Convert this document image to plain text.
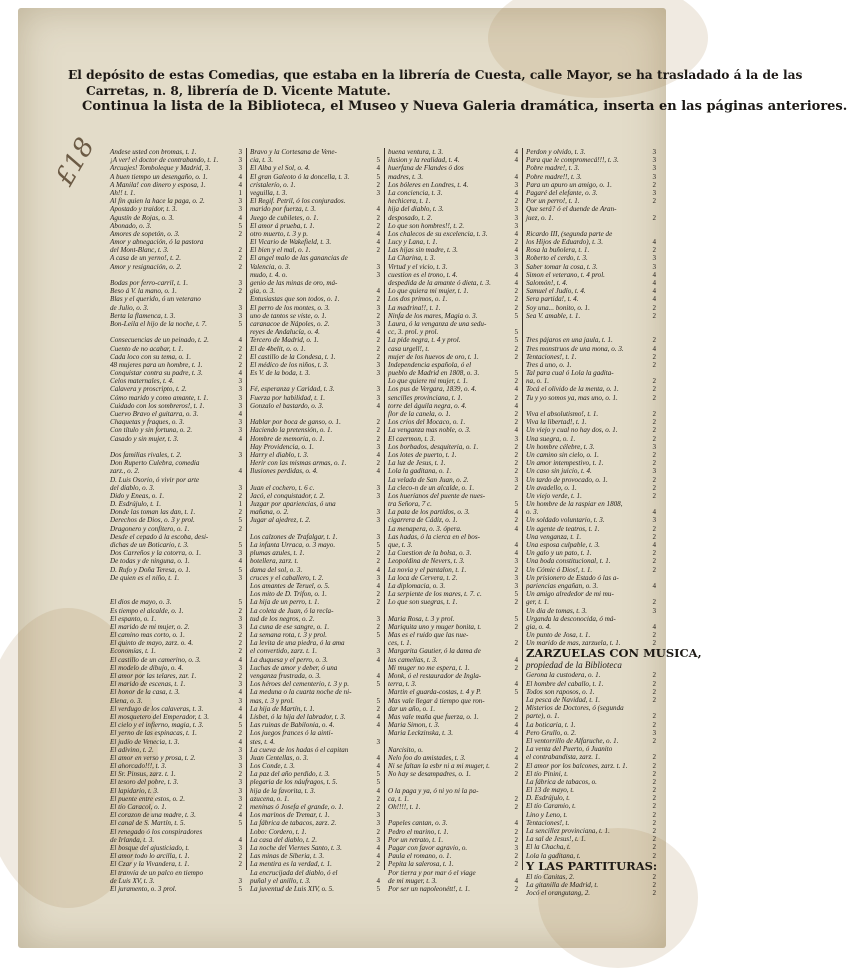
El depósito de estas Comedias, que estaba en la librería de Cuesta, calle Mayor, se ha trasladado á la de las
Carretas, n. 8, librería de D. Vicente Matute.
Continua la lista de la Biblioteca, el Museo y Nueva Galeria dramática, inserta en las páginas anteriores.
£18 Andese usted con bromas, t. 1.	3
¡A ver! el doctor de contrabando, t. 1.	3
Arcuajes! Tomboleque y Madrid, 3.	3
A buen tiempo un desengaño, o. 1.	4
A Manila! con dinero y esposa, 1.	4
Ah!! t. 1.	1
Al fin quien la hace la paga, o. 2.	3
Apostado y traidor, t. 3.	3
Agustín de Rojas, o. 3.	4
Abonado, o. 3.	5
Amores de sopetón, o. 3.	2
Amor y abnegación, ó la pastora
del Mont-Blanc, t. 3.	2
A casa de un yerno!, t. 2.	2
Amor y resignación, o. 2.	2
Bodas por ferro-carril, t. 1.	3
Beso á V. la mano, o. 1.	2
Blas y el querido, ó un veterano
de Julio, o. 3.	3
Berta la flamenca, t. 3.	3
Bon-Leila el hijo de la noche, t. 7.	5
Consecuencias de un peinado, t. 2.	4
Cuento de no acabar, t. 1.	2
Cada loco con su tema, o. 1.	2
48 mujeres para un hombre, t. 1.	2
Conquistar contra su padre, t. 3.	4
Celos maternales, t. 4.	3
Calavera y proscripto, t. 2.	3
Cómo marido y como amante, t. 1.	3
Cuidado con los sombreros!, t. 1.	3
Cuervo Bravo el guitarra, o. 3.	4
Chaquetas y fraques, o. 3.	3
Con título y sin fortuna, o. 2.	3
Casado y sin mujer, t. 3.	4
Dos familias rivales, t. 2.	3
Don Ruperto Culebra, comedia
zarz., o. 2.	4
D. Luis Osorio, ó vivir por arte
del diablo, o. 3.	3
Dido y Eneas, o. 1.	2
D. Esdrújulo, t. 1.	1
Donde las toman las dan, t. 1.	2
Derechos de Dios, o. 3 y prol.	5
Dragonero y confitero, o. 1.	2
Desde el cepado á la escoba, desi-
dichas de un Boticario, t. 3.	5
Dos Carreños y la cotorra, o. 1.	3
De todas y de ninguna, o. 1.	4
D. Rufo y Doña Teresa, o. 1.	5
De quien es el niño, t. 1.	3
El dios de mayo, o. 3.	5
Es tiempo el alcalde, o. 1.	2
El espanto, o. 1.	3
El marido de mi mujer, o. 2.	3
El camino mas corto, o. 1.	2
El quinto de mayo, zarz. o. 4.	2
Economías, t. 1.	2
El castillo de un camerino, o. 3.	4
El modelo de dibujo, o. 4.	3
El amor por las telares, zar. 1.	2
El marido de escenas, t. 1.	3
El honor de la casa, t. 3.	4
Elena, o. 3.	3
El verdugo de los calaveras, t. 3.	4
El mosquetero del Emperador, t. 3.	4
El cielo y el infierno, magia, t. 3.	5
El yerno de las espinacas, t. 1.	2
El judío de Venecia, t. 3.	4
El adivino, t. 2.	3
El amor en verso y prosa, t. 2.	3
El ahorcado!!!, t. 3.	3
El Sr. Pinsus, zarz. t. 1.	2
El tesoro del pobre, t. 3.	3
El lapidario, t. 3.	3
El puente entre estos, o. 2.	3
El tío Caracol, o. 1.	2
El corazon de una madre, t. 3.	4
El canal de S. Martín, t. 5.	5
El renegado ó los conspiradores
de Irlanda, t. 3.	4
El bosque del ajusticiado, t.	3
El amor todo lo arcilla, t. 1.	2
El Czar y la Vivandera, t. 1.	2
El tranvía de un palco en tiempo
de Luis XV, t. 3.	3
El juramento, o. 3 prol.	5
Bravo y la Cortesana de Vene-
cia, t. 3.	5
El Alba y el Sol, o. 4.	4
El gran Galeoto ó la doncella, t. 3.	5
cristalerío, o. 1.	2
veguilla, t. 3.	3
El Regif. Petril, ó los conjurados.
marido por fuerza, t. 3.	4
Juego de cubiletes, o. 1.	2
El amor á prueba, t. 1.	2
otro muerto, t. 3 y p.	4
El Vicario de Wakefield, t. 3.	4
El bien y el mal, o. 1.	2
El angel malo de las ganancias de
Valencia, o. 3.	3
mudo, t. 4. o.	3
genio de las minas de oro, má-
gia, o. 3.	4
Entusiastas que son todos, o. 1.	2
El perro de los montes, o. 3.	3
uno de tantos se viste, o. 1.	2
caranacoe de Nápoles, o. 2.	3
reyes de Andalucía, o. 4.	4
Tercero de Madrid, o. 1.	2
El de 4belit, o. o. 1.	2
El castillo de la Condesa, t. 1.	2
El médico de los niños, t. 3.	3
Es V. de la boda, t. 3.	3
Fé, esperanza y Caridad, t. 3.	3
Fuerza por habilidad, t. 1.	3
Gonzalo el bastardo, o. 3.	4
Hablar por boca de ganso, o. 1.	2
Haciendo la pretensión, o. 1.	2
Hombre de memoria, o. 1.	2
Hay Providencia, o. 1.	3
Harry el diablo, t. 3.	4
Herir con las mismas armas, o. 1.	2
Ilusiones perdidas, o. 4.	4
Juan el cochero, t. 6 c.	3
Jacó, el conquistador, t. 2.	3
Juzgar por apariencias, ó una
mañana, o. 2.	3
Jugar al ajedrez, t. 2.	3
Los calzones de Trafalgar, t. 1.	3
La infanta Urraca, o. 3 mayo.	5
plumas azules, t. 1.	2
botellera, zarz. t.	2
dama del sol, o. 3.	4
cruces y el caballero, t. 2.	3
Los amantes de Teruel, o. 5.	4
Los mito de D. Trifon, o. 1.	2
La hija de un perro, t. 1.	2
La coleta de Juan, ó la recla-
tud de los negros, o. 2.	3
La cuna de ese sangre, o. 1.	2
La semana rota, t. 3 y prol.	5
La levita de una piedra, ó la ama
el convertido, zarz. t. 1.	3
La duquesa y el perro, o. 3.	4
Luchas de amor y deber, ó una
venganza frustrada, o. 3.	4
Los héroes del cementerio, t. 3 y p.	5
La meduna o la cuarta noche de ni-
mas, t. 3 y prol.	5
La hija de Martín, t. 1.	2
Lisbet, ó la hija del labrador, t. 3.	4
Las ruinas de Babilonia, o. 4.	4
Los juegos frances ó la ainti-
stes, t. 4.	3
La cueva de los hadas ó el capitan
Juan Centellas, o. 3.	4
Los Conde, t. 3.	4
La paz del año perdido, t. 3.	5
plegaria de los náufragos, t. 5.	5
hija de la favorita, t. 3.	4
azucena, o. 1.	2
meninas ó Josefa el grande, o. 1.	2
Los marinos de Tremar, t. 1.	3
La fábrica de tabacos, zarz. 2.	3
Lobo: Cordero, t. 1.	2
La casa del diablo, t. 2.	3
La noche del Viernes Santo, t. 3.	4
Las minas de Siberia, t. 3.	4
La mentira es la verdad, t. 1.	2
La encrucijada del diablo, ó el
puñal y el anillo, t. 3.	4
La juventud de Luis XIV, o. 5.	5
buena ventura, t. 3.	4
ilusion y la realidad, t. 4.	4
huerfana de Flandes ó dos
madres, t. 3.	4
Los bóleres en Londres, t. 4.	3
La conciencia, t. 3.	4
hechicera, t. 1.	2
hija del diablo, t. 3.	3
desposado, t. 2.	3
Lo que son hombres!!, t. 2.	3
Los chalecos de su excelencia, t. 3.	4
Lucy y Lana, t. 1.	2
Las hijas sin madre, t. 3.	4
La Charina, t. 3.	3
Virtud y el vicio, t. 3.	3
cuestion es el trono, t. 4.	4
despedida de la amante ó dieta, t. 3.	4
Lo que quiera mi mujer, t. 1.	2
Los dos primos, o. 1.	2
La madrina!!, t. 1.	2
Ninfa de los mares, Magia o. 3.	5
Laura, ó la venganza de una sedu-
cc, 3. prol. y prol.	5
La pide negra, t. 4 y prol.	5
casa urgell!, t.	2
mujer de los huevos de oro, t. 1.	2
Independencia española, ó el
pueblo de Madrid en 1808, o. 3.	5
Lo que quiere mi mujer, t. 1.	2
Los pus de Vergara, 1839, o. 4.	4
sencilles provinciana, t. 1.	2
torre del águila negra, o. 4.	4
flor de la canela, o. 1.	2
Los crios del Mocaco, o. 1.	2
La venganza mas noble, o. 3.	4
El caermon, t. 3.	3
Los borbados, desquiteria, o. 1.	2
Los lotes de puerto, t. 1.	2
La luz de Jesus, t. 1.	2
Lola la gaditana, o. 1.	2
La velada de San Juan, o. 2.	3
La cleco-n de un alcalde, o. 1.	2
Los hueríanos del puente de nues-
tra Señora, 7 c.	5
La pata de los partidos, o. 3.	4
cigarrera de Cádiz, o. 1.	2
La menapera, o. 3. ópera.	4
Las hadas, ó la cierca en el bos-
que, t. 3.	4
La Cuestion de la bolsa, o. 3.	4
Leopoldina de Nevers, t. 3.	3
La novia y el pantalon, t. 1.	2
La loca de Cervera, t. 2.	3
La diplomacia, o. 3.	3
La serpiente de los mares, t. 7. c.	5
Lo que son suegras, t. 1.	2
Maria Rosa, t. 3 y prol.	5
Mariquita uno y muger bonita, t.	2
Mas es el ruido que las nue-
ces, t. 1.	2
Margarita Gautier, ó la dama de
las camelias, t. 3.	4
Mi muger no me espera, t. 1.	2
Monk, ó el restaurador de Ingla-
terra, t. 3.	4
Martin el guarda-costas, t. 4 y P.	5
Mas vale llegar á tiempo que ron-
dar un año, o. 1.	2
Mas vale maña que fuerza, o. 1.	2
Maria Simon, t. 3.	4
Maria Leckzinska, t. 3.	4
Narcisito, o.	2
Nelo foo do amistades, t. 3.	4
Ni se faltan la esbr ni a mi muger, t.	2
No hay se desampadres, o. 1.	2
O la paga y ya, ó ni yo ni la pa-
ca, t. 1.	2
Oh!!!!, t. 1.	2
Papeles cantan, o. 3.	4
Pedro el marino, t. 1.	2
Por un retrato, t. 1.	2
Pagar con favor agravio, o.	3
Paula el romano, o. 1.	2
Pepita la salerosa, t. 1.	2
Por tierra y por mar ó el viage
de mi muger, t. 3.	4
Por ser un napoleonétt!, t. 1.	2
Perdon y olvido, t. 3.	3
Para que le compromecá!!!, t. 3.	3
Pobre madre!, t. 3.	3
Pobre madre!!, t. 3.	3
Para un apuro un amigo, o. 1.	2
Pagaré del elefante, o. 3.	3
Por un perro!, t. 1.	2
Que será? ó el duende de Aran-
juez, o. 1.	2
Ricardo III, (segunda parte de
los Hijos de Eduardo), t. 3.	4
Rosa la buñolera, t. 1.	2
Roberto el cerdo, t. 3.	3
Saber tomar la cosa, t. 3.	3
Simon el veterano, t. 4 prol.	4
Salomón!, t. 4.	4
Samuel el Judío, t. 4.	4
Sera partida!, t. 4.	4
Soy una... bonito, o. 1.	2
Sea V. amable, t. 1.	2
Tres pájaros en una jaula, t. 1.	2
Tres monstruos de una mona, o. 3.	4
Tentaciones!, t. 1.	2
Tres á uno, o. 1.	2
Tal para cual ó Lola la gadita-
na, o. 1.	2
Tocá el olivido de la menta, o. 1.	2
Tu y yo somos ya, mas uno, o. 1.	2
Viva el absolutismo!, t. 1.	2
Viva la libertad!, t. 1.	2
Un viejo y cual no hay dos, o. 1.	2
Una suegra, o. 1.	2
Un hombre célebre, t. 3.	3
Un camino sin cielo, o. 1.	2
Un amor intempestivo, t. 1.	2
Un caso sin juicio, t. 4.	3
Un tardo de provocado, o. 1.	2
Un avadello, o. 1.	2
Un viejo verde, t. 1.	2
Un hombre de la raspiar en 1808,
o. 3.	4
Un soldado voluntario, t. 3.	3
Un agente de teatros, t. 1.	2
Una venganza, t. 1.	2
Una esposa culpable, t. 3.	4
Un galo y un pato, t. 1.	2
Una boda constitucional, t. 1.	2
Un Cómic ó Dios!, t. 1.	2
Un prisionero de Estado ó las a-
pariencias engañan, o. 3.	4
Un amigo alrededor de mi mu-
ger, t. 1.	2
Un dia de tomas, t. 3.	3
Urganda la desconocida, ó má-
gia, o. 4.	4
Un punto de Josa, t. 1.	2
Un marido de mas, zarzuela, t. 1.	2
ZARZUELAS CON MUSICA,
propiedad de la Biblioteca
Gerona la custodera, o. 1.	2
El hombre del caballo, t. 1.	2
Todos son raposos, o. 1.	2
La pesca de Navidad, t. 1.	2
Misterios de Doctores, ó (segunda
parte), o. 1.	2
La boticaria, t. 1.	2
Pero Grullo, o. 2.	3
El ventorrillo de Alfaruche, o. 1.	2
La venta del Puerto, ó Juanito
el contrabandista, zarz. 1.	2
El amor por los balcones, zarz. t. 1.	2
El tío Pinini, t.	2
La fábrica de tabacos, o.	2
El 13 de mayo, t.	2
D. Esdrújulo, t.	2
El tío Caramio, t.	2
Lino y Leno, t.	2
Tentaciones!, t.	2
La sencillez provinciana, t. 1.	2
La sal de Jesus!, t. 1.	2
El la Chacha, t.	2
Lola la gaditana, t.	2
Y LAS PARTITURAS:
El tío Canitas, 2.	2
La gitanilla de Madrid, t.	2
Jocó el orangutang, 2.	2
